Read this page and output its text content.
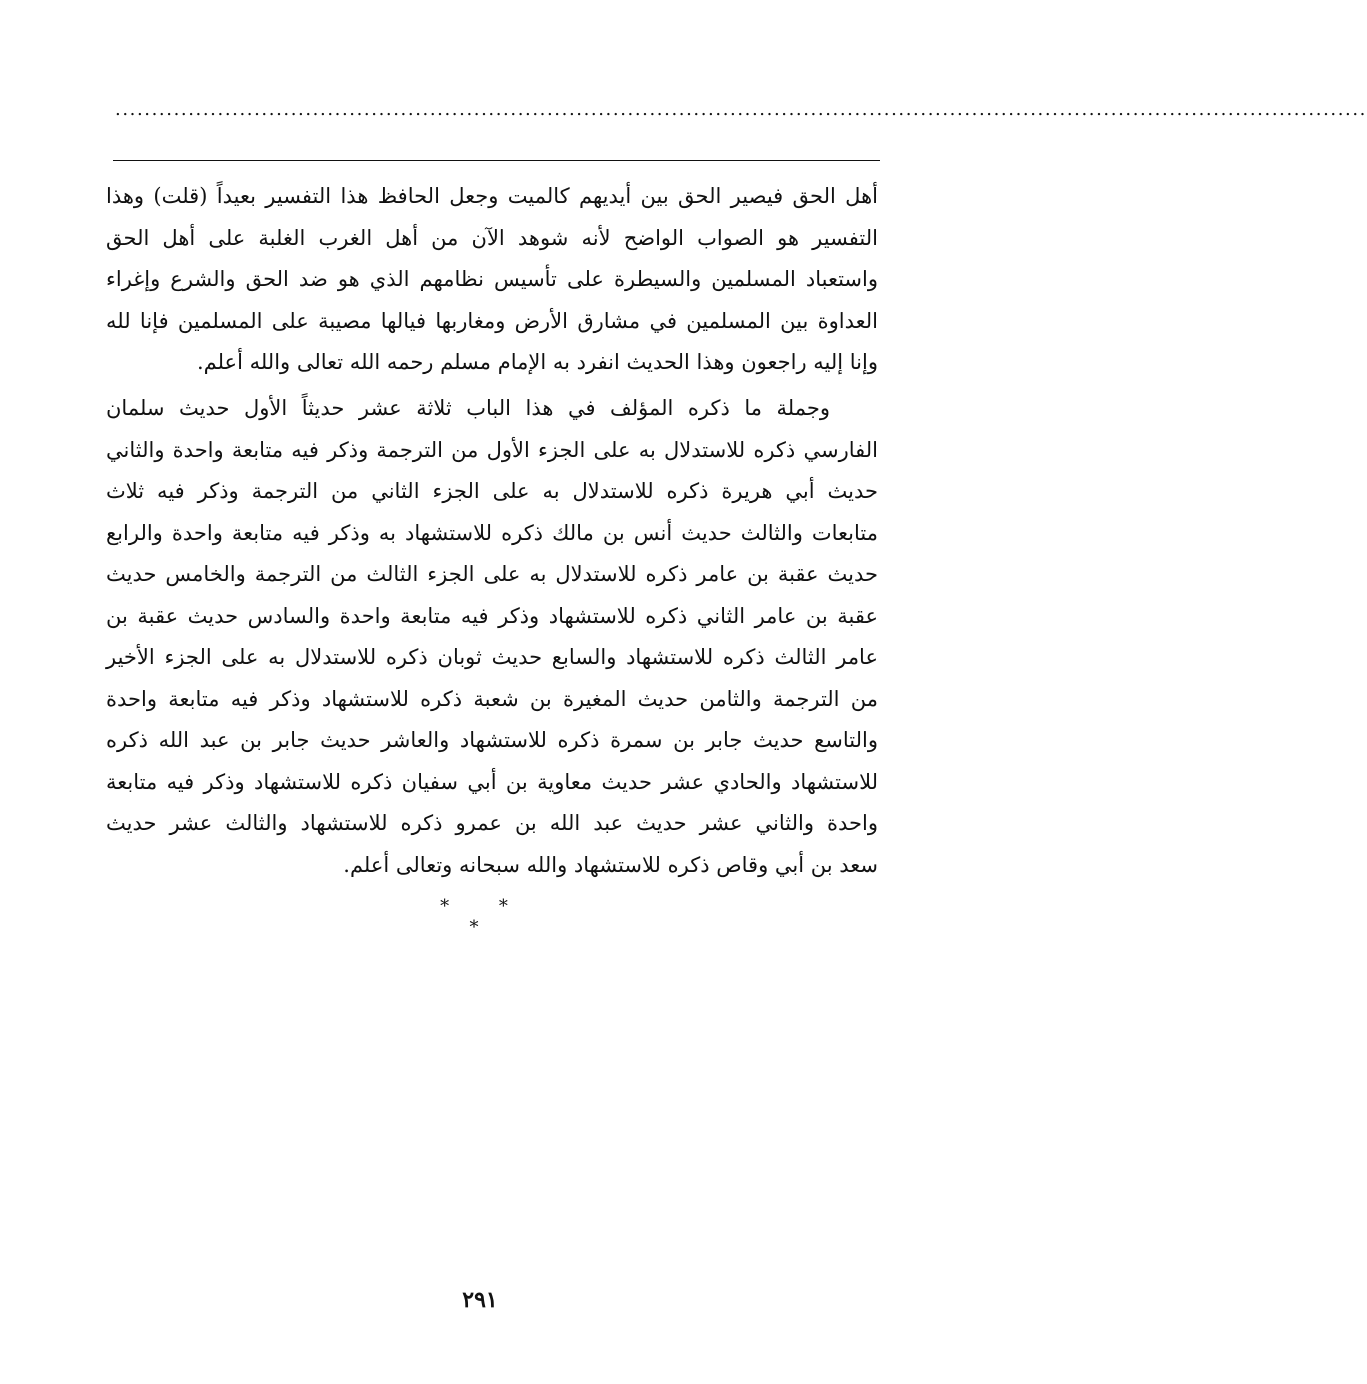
...........................................................................................................................................................................
أهل الحق فيصير الحق بين أيديهم كالميت وجعل الحافظ هذا التفسير بعيداً (قلت) وهذا
التفسير هو الصواب الواضح لأنه شوهد الآن من أهل الغرب الغلبة على أهل الحق
واستعباد المسلمين والسيطرة على تأسيس نظامهم الذي هو ضد الحق والشرع وإغراء
العداوة بين المسلمين في مشارق الأرض ومغاربها فيالها مصيبة على المسلمين فإنا لله
وإنا إليه راجعون وهذا الحديث انفرد به الإمام مسلم رحمه الله تعالى والله أعلم.
وجملة ما ذكره المؤلف في هذا الباب ثلاثة عشر حديثاً الأول حديث سلمان
الفارسي ذكره للاستدلال به على الجزء الأول من الترجمة وذكر فيه متابعة واحدة والثاني
حديث أبي هريرة ذكره للاستدلال به على الجزء الثاني من الترجمة وذكر فيه ثلاث
متابعات والثالث حديث أنس بن مالك ذكره للاستشهاد به وذكر فيه متابعة واحدة والرابع
حديث عقبة بن عامر ذكره للاستدلال به على الجزء الثالث من الترجمة والخامس حديث
عقبة بن عامر الثاني ذكره للاستشهاد وذكر فيه متابعة واحدة والسادس حديث عقبة بن
عامر الثالث ذكره للاستشهاد والسابع حديث ثوبان ذكره للاستدلال به على الجزء الأخير
من الترجمة والثامن حديث المغيرة بن شعبة ذكره للاستشهاد وذكر فيه متابعة واحدة
والتاسع حديث جابر بن سمرة ذكره للاستشهاد والعاشر حديث جابر بن عبد الله ذكره
للاستشهاد والحادي عشر حديث معاوية بن أبي سفيان ذكره للاستشهاد وذكر فيه متابعة
واحدة والثاني عشر حديث عبد الله بن عمرو ذكره للاستشهاد والثالث عشر حديث
سعد بن أبي وقاص ذكره للاستشهاد والله سبحانه وتعالى أعلم.
* * *
٢٩١
